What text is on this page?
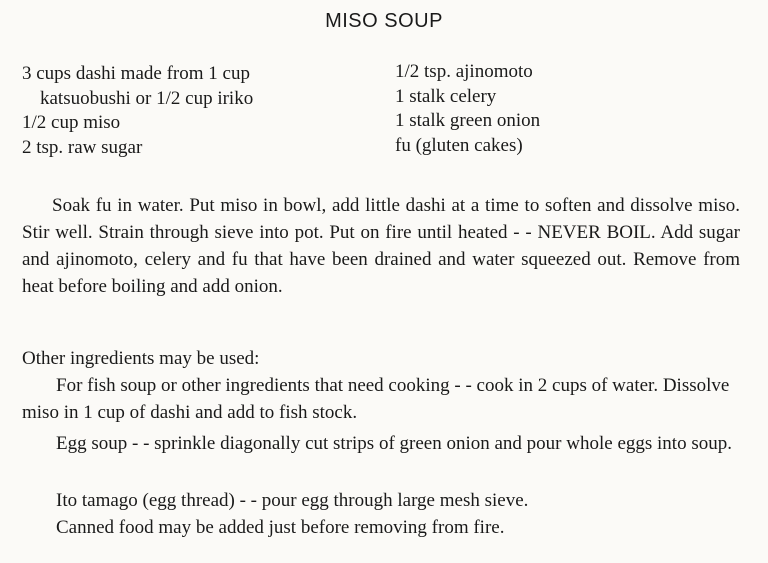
MISO SOUP
3 cups dashi made from 1 cup
katsuobushi or 1/2 cup iriko
1/2 cup miso
2 tsp. raw sugar
1/2 tsp. ajinomoto
1 stalk celery
1 stalk green onion
fu (gluten cakes)

Soak fu in water. Put miso in bowl, add little dashi at a time to soften and dissolve miso. Stir well. Strain through sieve into pot. Put on fire until heated - - NEVER BOIL. Add sugar and ajinomoto, celery and fu that have been drained and water squeezed out. Remove from heat before boiling and add onion.

Other ingredients may be used:

For fish soup or other ingredients that need cooking - - cook in 2 cups of water. Dissolve miso in 1 cup of dashi and add to fish stock.

Egg soup - - sprinkle diagonally cut strips of green onion and pour whole eggs into soup.

Ito tamago (egg thread) - - pour egg through large mesh sieve.

Canned food may be added just before removing from fire.
